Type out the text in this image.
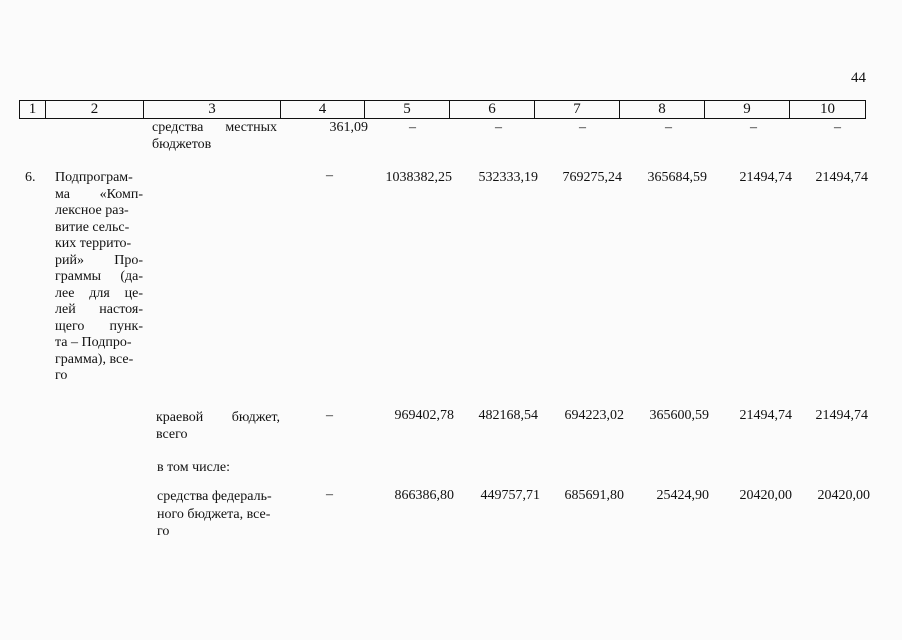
44
1	2	3	4	5	6	7	8	9	10
средства местных
бюджетов
361,09	–	–	–	–	–	–
6. Подпрограм-
ма «Комп-
лексное раз-
витие сельс-
ких террито-
рий» Про-
граммы (да-
лее для це-
лей настоя-
щего пунк-
та – Подпро-
грамма), все-
го
–	1038382,25	532333,19	769275,24	365684,59	21494,74	21494,74
краевой бюджет,
всего
–	969402,78	482168,54	694223,02	365600,59	21494,74	21494,74
в том числе:
средства федераль-
ного бюджета, все-
го
–	866386,80	449757,71	685691,80	25424,90	20420,00	20420,00
